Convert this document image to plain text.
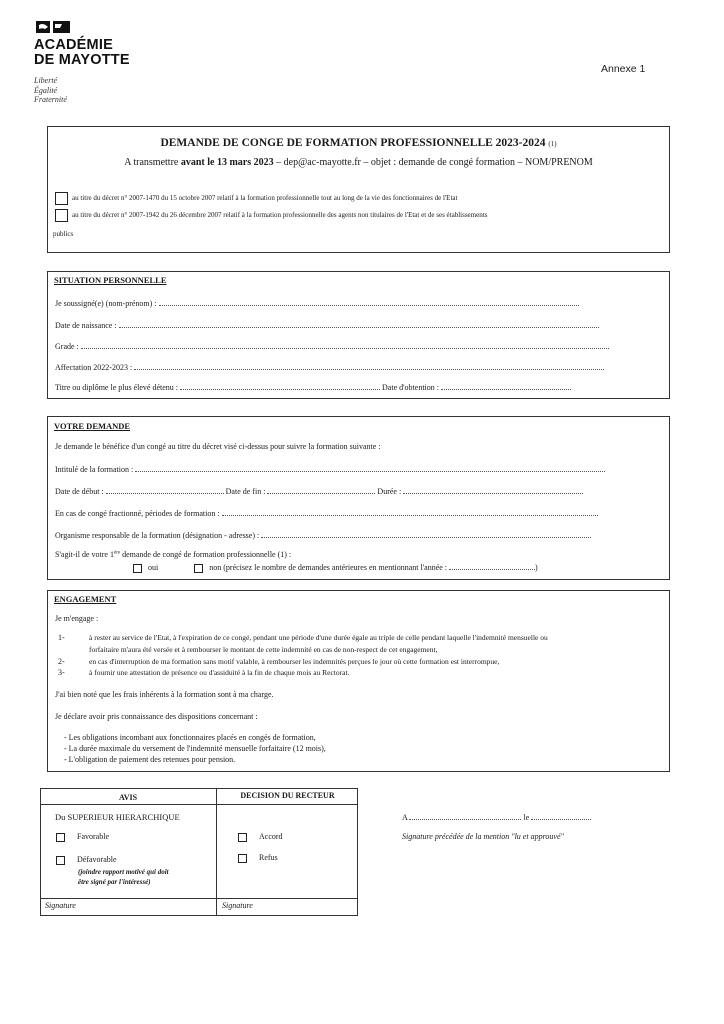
ACADÉMIE
DE MAYOTTE
Liberté
Égalité
Fraternité
Annexe 1
DEMANDE DE CONGE DE FORMATION PROFESSIONNELLE 2023-2024 (1)
A transmettre avant le 13 mars 2023 – dep@ac-mayotte.fr – objet : demande de congé formation – NOM/PRENOM
au titre du décret n° 2007-1470 du 15 octobre 2007 relatif à la formation professionnelle tout au long de la vie des fonctionnaires de l'Etat
au titre du décret n° 2007-1942 du 26 décembre 2007 relatif à la formation professionnelle des agents non titulaires de l'Etat et de ses établissements
publics
SITUATION PERSONNELLE
Je soussigné(e) (nom-prénom) :
Date de naissance :
Grade :
Affectation 2022-2023 :
Titre ou diplôme le plus élevé détenu :	Date d'obtention :
VOTRE DEMANDE
Je demande le bénéfice d'un congé au titre du décret visé ci-dessus pour suivre la formation suivante :
Intitulé de la formation :
Date de début :	Date de fin :	Durée :
En cas de congé fractionné, périodes de formation :
Organisme responsable de la formation (désignation - adresse) :
S'agit-il de votre 1ère demande de congé de formation professionnelle (1) :
oui	non (précisez le nombre de demandes antérieures en mentionnant l'année :	)
ENGAGEMENT
Je m'engage :
1-	à rester au service de l'Etat, à l'expiration de ce congé, pendant une période d'une durée égale au triple de celle pendant laquelle l'indemnité mensuelle ou
forfaitaire m'aura été versée et à rembourser le montant de cette indemnité en cas de non-respect de cet engagement,
2-	en cas d'interruption de ma formation sans motif valable, à rembourser les indemnités perçues le jour où cette formation est interrompue,
3-	à fournir une attestation de présence ou d'assiduité à la fin de chaque mois au Rectorat.
J'ai bien noté que les frais inhérents à la formation sont à ma charge.
Je déclare avoir pris connaissance des dispositions concernant :
- Les obligations incombant aux fonctionnaires placés en congés de formation,
- La durée maximale du versement de l'indemnité mensuelle forfaitaire (12 mois),
- L'obligation de paiement des retenues pour pension.
AVIS	DECISION DU RECTEUR
Du SUPERIEUR HIERARCHIQUE
Favorable
Défavorable
(joindre rapport motivé qui doit
être signé par l'intéressé)
Accord
Refus
Signature	Signature
A	le
Signature précédée de la mention "lu et approuvé"
